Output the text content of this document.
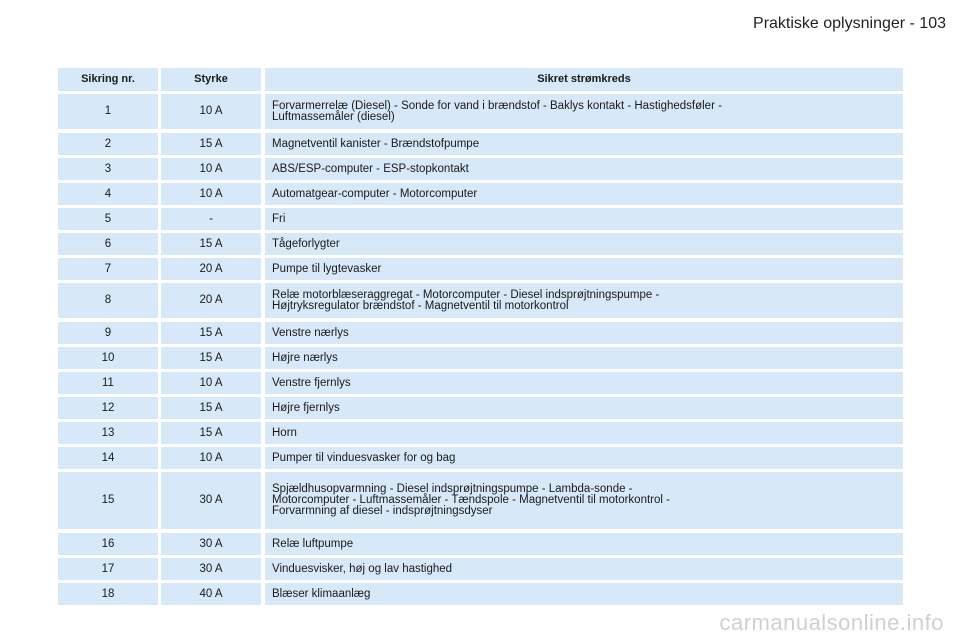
Praktiske oplysninger - 103
Sikring nr.	Styrke	Sikret strømkreds
1	10 A	Forvarmerrelæ (Diesel) - Sonde for vand i brændstof - Baklys kontakt - Hastighedsføler -
Luftmassemåler (diesel)
2	15 A	Magnetventil kanister - Brændstofpumpe
3	10 A	ABS/ESP-computer - ESP-stopkontakt
4	10 A	Automatgear-computer - Motorcomputer
5	-	Fri
6	15 A	Tågeforlygter
7	20 A	Pumpe til lygtevasker
8	20 A	Relæ motorblæseraggregat - Motorcomputer - Diesel indsprøjtningspumpe -
Højtryksregulator brændstof - Magnetventil til motorkontrol
9	15 A	Venstre nærlys
10	15 A	Højre nærlys
11	10 A	Venstre fjernlys
12	15 A	Højre fjernlys
13	15 A	Horn
14	10 A	Pumper til vinduesvasker for og bag
15	30 A
Spjældhusopvarmning - Diesel indsprøjtningspumpe - Lambda-sonde -
Motorcomputer - Luftmassemåler - Tændspole - Magnetventil til motorkontrol -
Forvarmning af diesel - indsprøjtningsdyser
16	30 A	Relæ luftpumpe
17	30 A	Vinduesvisker, høj og lav hastighed
18	40 A	Blæser klimaanlæg
carmanualsonline.info
